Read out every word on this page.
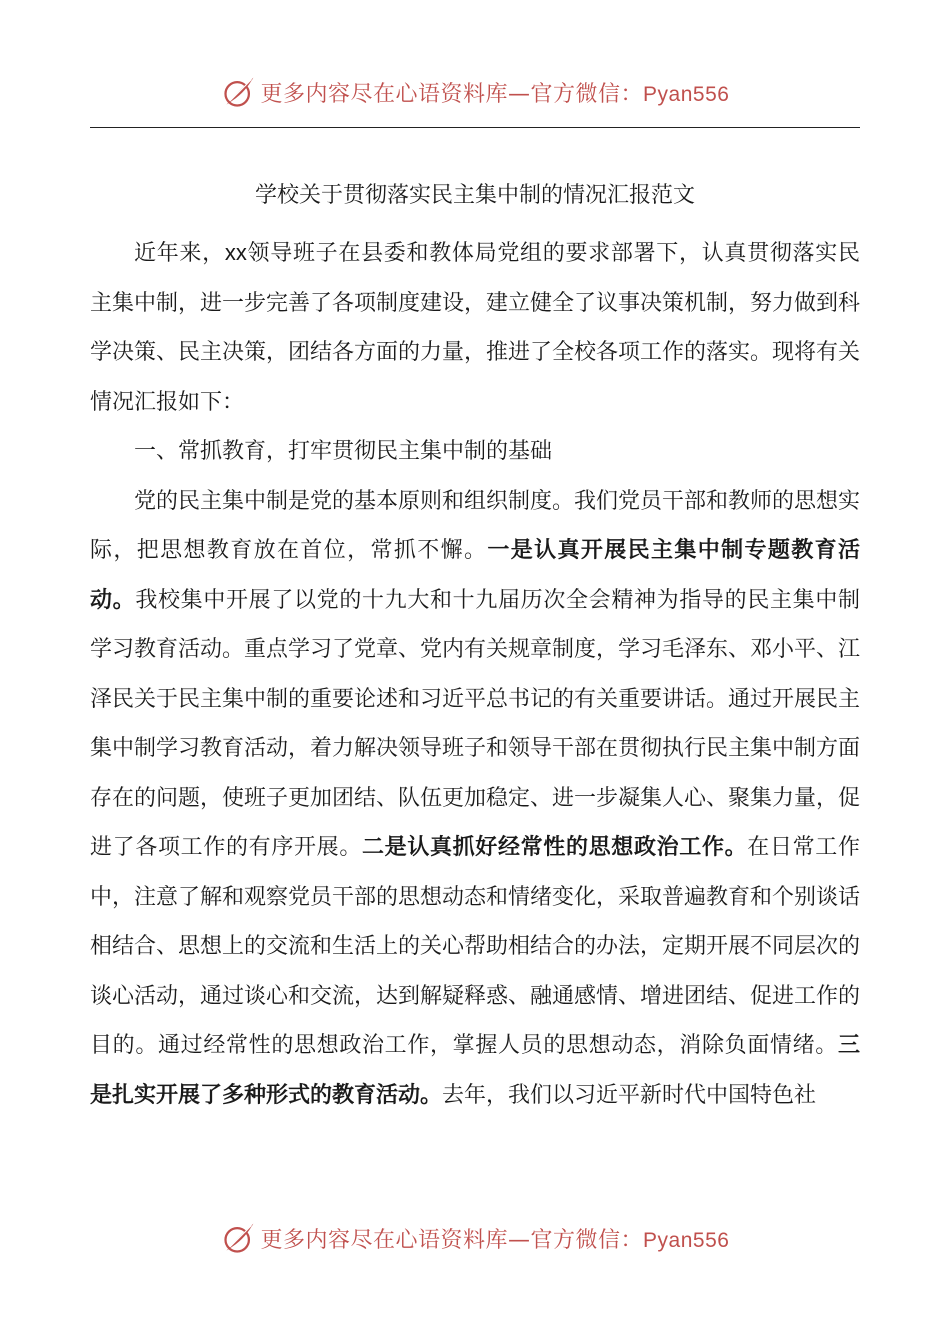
更多内容尽在心语资料库—官方微信：Pyan556
学校关于贯彻落实民主集中制的情况汇报范文

近年来，xx领导班子在县委和教体局党组的要求部署下，认真贯彻落实民主集中制，进一步完善了各项制度建设，建立健全了议事决策机制，努力做到科学决策、民主决策，团结各方面的力量，推进了全校各项工作的落实。现将有关情况汇报如下：

一、常抓教育，打牢贯彻民主集中制的基础

党的民主集中制是党的基本原则和组织制度。我们党员干部和教师的思想实际，把思想教育放在首位，常抓不懈。一是认真开展民主集中制专题教育活动。我校集中开展了以党的十九大和十九届历次全会精神为指导的民主集中制学习教育活动。重点学习了党章、党内有关规章制度，学习毛泽东、邓小平、江泽民关于民主集中制的重要论述和习近平总书记的有关重要讲话。通过开展民主集中制学习教育活动，着力解决领导班子和领导干部在贯彻执行民主集中制方面存在的问题，使班子更加团结、队伍更加稳定、进一步凝集人心、聚集力量，促进了各项工作的有序开展。二是认真抓好经常性的思想政治工作。在日常工作中，注意了解和观察党员干部的思想动态和情绪变化，采取普遍教育和个别谈话相结合、思想上的交流和生活上的关心帮助相结合的办法，定期开展不同层次的谈心活动，通过谈心和交流，达到解疑释惑、融通感情、增进团结、促进工作的目的。通过经常性的思想政治工作，掌握人员的思想动态，消除负面情绪。三是扎实开展了多种形式的教育活动。去年，我们以习近平新时代中国特色社

更多内容尽在心语资料库—官方微信：Pyan556
